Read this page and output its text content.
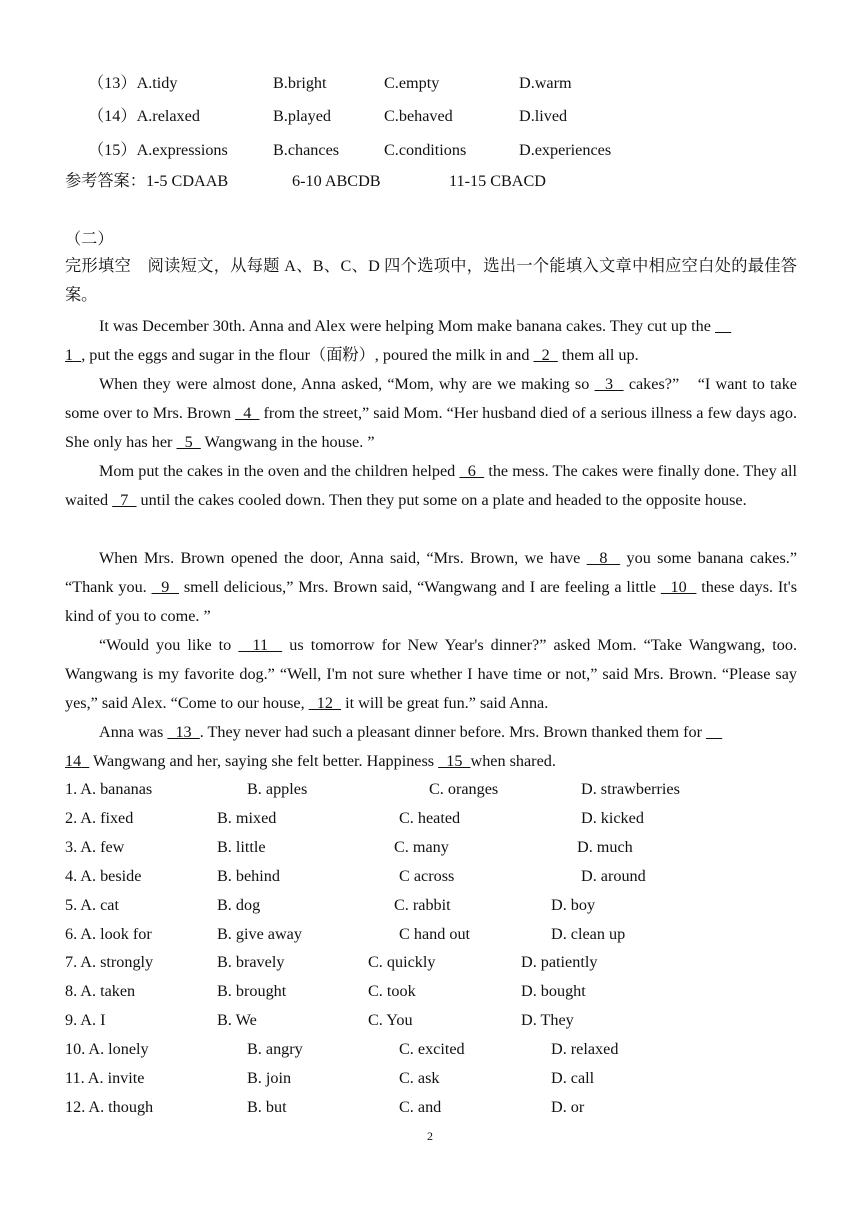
（13）A.tidy	B.bright	C.empty	D.warm
（14）A.relaxed	B.played	C.behaved	D.lived
（15）A.expressions	B.chances	C.conditions	D.experiences
参考答案：1-5 CDAAB	6-10 ABCDB	11-15 CBACD
（二）
完形填空　阅读短文，从每题 A、B、C、D 四个选项中，选出一个能填入文章中相应空白处的最佳答案。
It was December 30th. Anna and Alex were helping Mom make banana cakes. They cut up the
1 , put the eggs and sugar in the flour（面粉）, poured the milk in and   2   them all up.
When they were almost done, Anna asked, “Mom, why are we making so   3   cakes?”　“I want to take some over to Mrs. Brown   4   from the street,” said Mom. “Her husband died of a serious illness a few days ago. She only has her   5   Wangwang in the house. ”
Mom put the cakes in the oven and the children helped   6   the mess. The cakes were finally done. They all waited   7   until the cakes cooled down. Then they put some on a plate and headed to the opposite house.
When Mrs. Brown opened the door, Anna said, “Mrs. Brown, we have   8   you some banana cakes.” “Thank you.   9   smell delicious,” Mrs. Brown said, “Wangwang and I are feeling a little   10   these days. It's kind of you to come. ”
“Would you like to   11   us tomorrow for New Year's dinner?” asked Mom. “Take Wangwang, too. Wangwang is my favorite dog.” “Well, I'm not sure whether I have time or not,” said Mrs. Brown. “Please say yes,” said Alex. “Come to our house,   12   it will be great fun.” said Anna.
Anna was   13  . They never had such a pleasant dinner before. Mrs. Brown thanked them for
14   Wangwang and her, saying she felt better. Happiness   15  when shared.
1. A. bananas	B. apples	C. oranges	D. strawberries
2. A. fixed	B. mixed	C. heated	D. kicked
3. A. few	B. little	C. many	D. much
4. A. beside	B. behind	C across	D. around
5. A. cat	B. dog	C. rabbit	D. boy
6. A. look for	B. give away	C hand out	D. clean up
7. A. strongly	B. bravely	C. quickly	D. patiently
8. A. taken	B. brought	C. took	D. bought
9. A. I	B. We	C. You	D. They
10. A. lonely	B. angry	C. excited	D. relaxed
11. A. invite	B. join	C. ask	D. call
12. A. though	B. but	C. and	D. or
2
